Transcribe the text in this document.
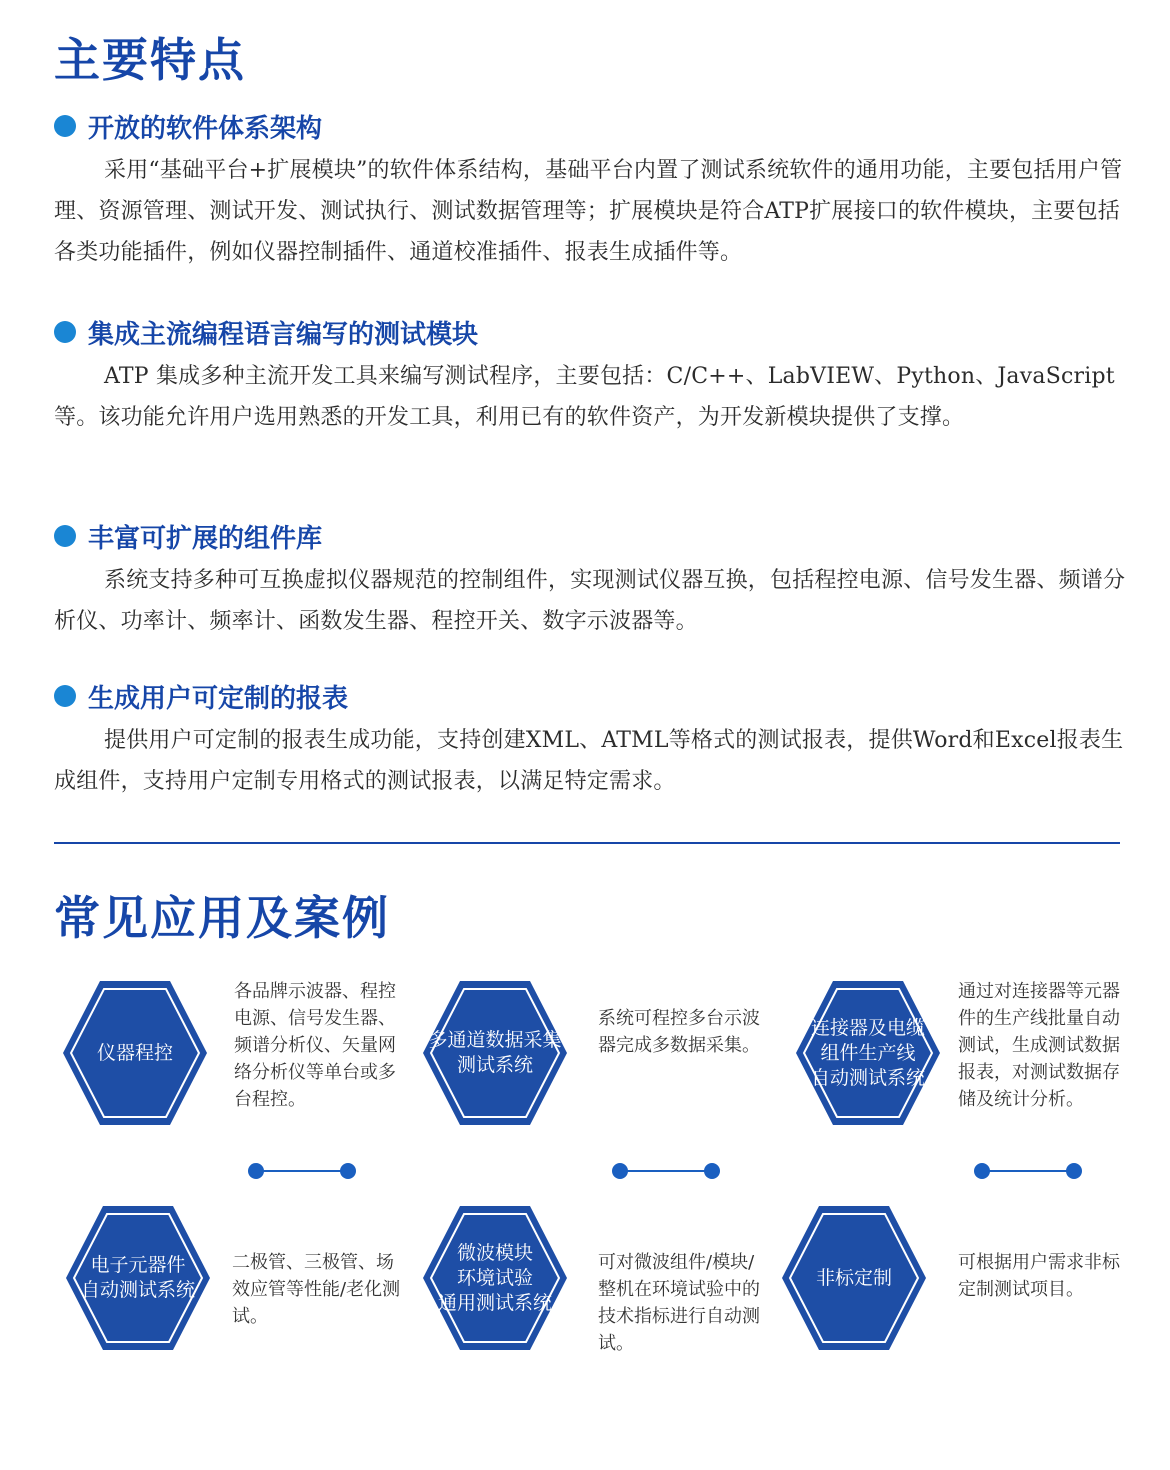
主要特点
开放的软件体系架构

采用“基础平台+扩展模块”的软件体系结构，基础平台内置了测试系统软件的通用功能，主要包括用户管理、资源管理、测试开发、测试执行、测试数据管理等；扩展模块是符合ATP扩展接口的软件模块，主要包括各类功能插件，例如仪器控制插件、通道校准插件、报表生成插件等。

集成主流编程语言编写的测试模块

ATP 集成多种主流开发工具来编写测试程序，主要包括：C/C++、LabVIEW、Python、JavaScript等。该功能允许用户选用熟悉的开发工具，利用已有的软件资产，为开发新模块提供了支撑。

丰富可扩展的组件库

系统支持多种可互换虚拟仪器规范的控制组件，实现测试仪器互换，包括程控电源、信号发生器、频谱分析仪、功率计、频率计、函数发生器、程控开关、数字示波器等。

生成用户可定制的报表

提供用户可定制的报表生成功能，支持创建XML、ATML等格式的测试报表，提供Word和Excel报表生成组件，支持用户定制专用格式的测试报表，以满足特定需求。

常见应用及案例
仪器程控
各品牌示波器、程控电源、信号发生器、频谱分析仪、矢量网络分析仪等单台或多台程控。
多通道数据采集
测试系统
系统可程控多台示波器完成多数据采集。
连接器及电缆
组件生产线
自动测试系统
通过对连接器等元器件的生产线批量自动测试，生成测试数据报表，对测试数据存储及统计分析。
电子元器件
自动测试系统
二极管、三极管、场效应管等性能/老化测试。
微波模块
环境试验
通用测试系统
可对微波组件/模块/整机在环境试验中的技术指标进行自动测试。
非标定制
可根据用户需求非标定制测试项目。
